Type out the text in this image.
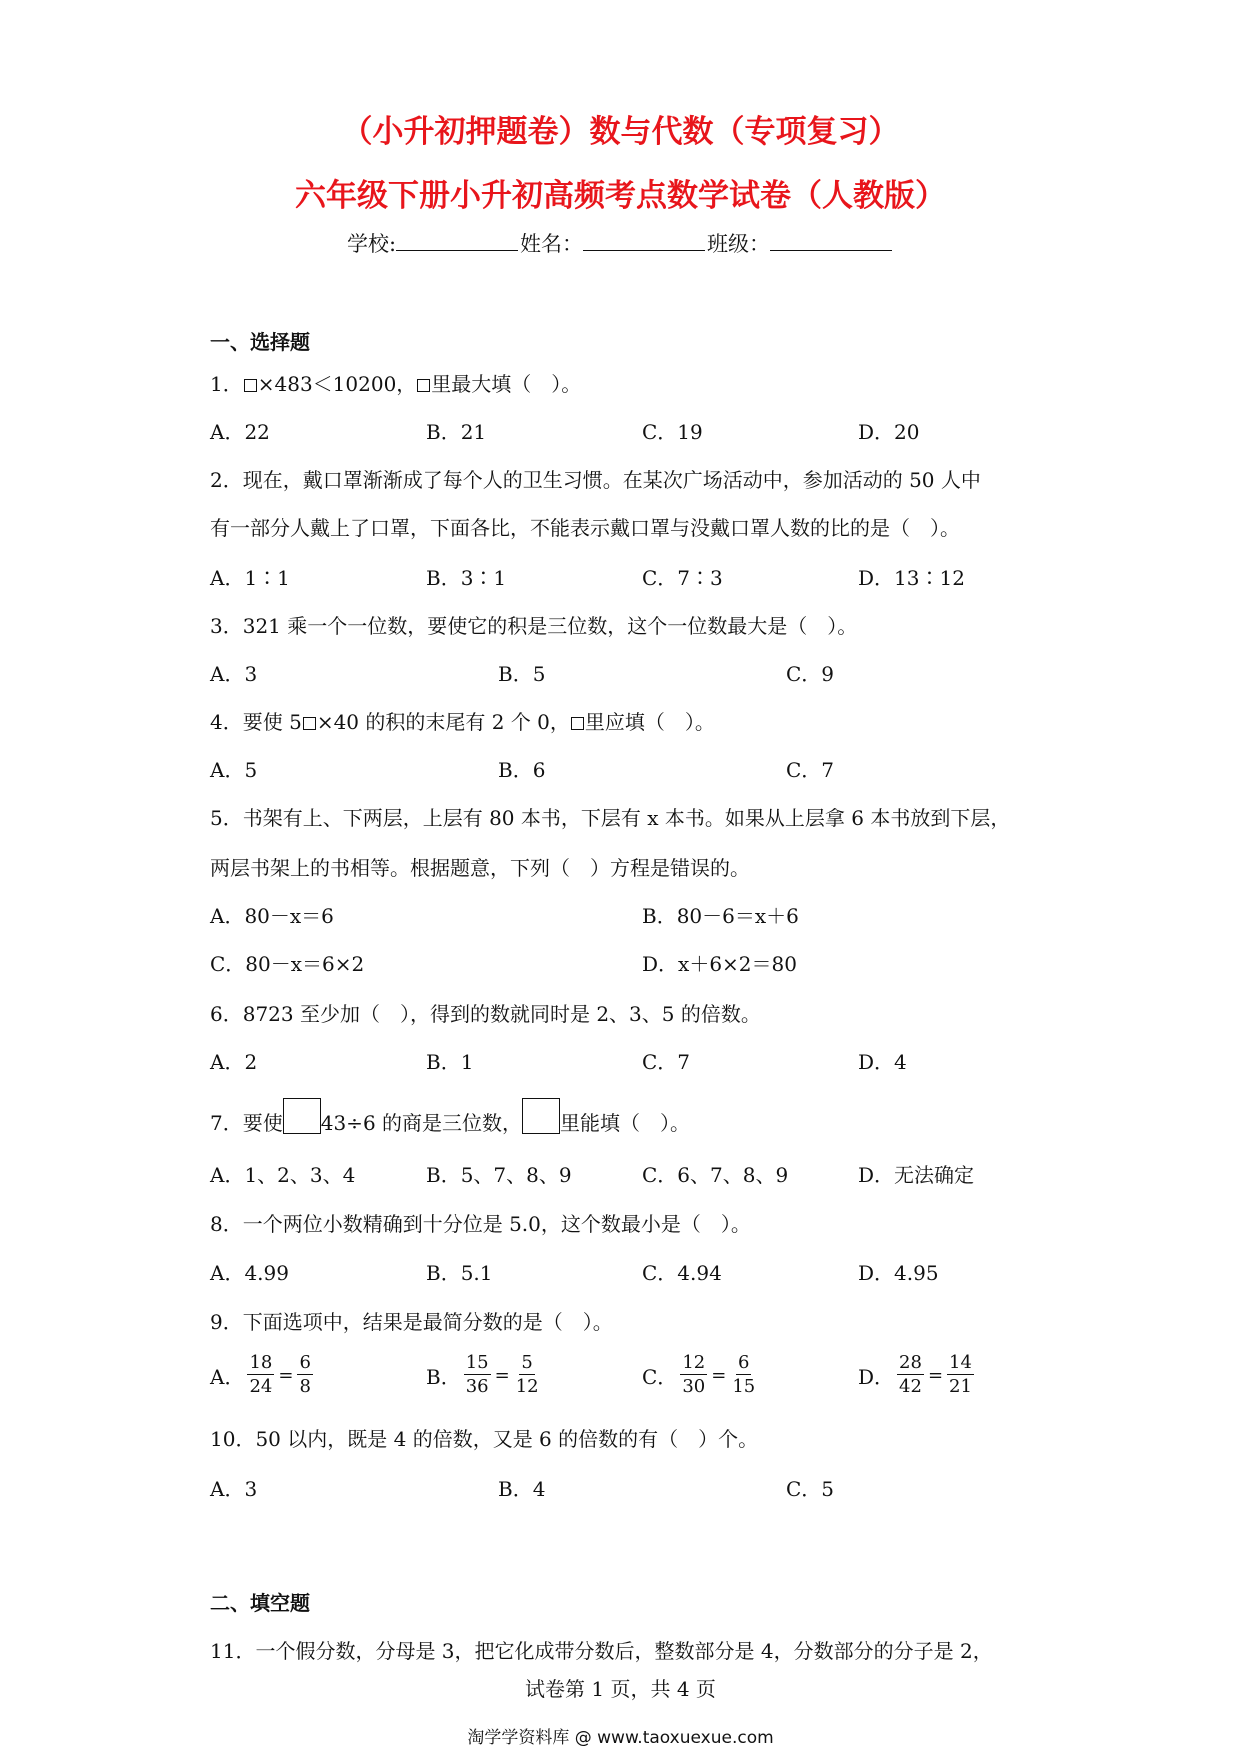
（小升初押题卷）数与代数（专项复习）
六年级下册小升初高频考点数学试卷（人教版）
学校:	姓名：	班级：
一、选择题
1． ×483＜10200， 里最大填（　）。
A．22	B．21	C．19	D．20
2．现在，戴口罩渐渐成了每个人的卫生习惯。在某次广场活动中，参加活动的 50 人中
有一部分人戴上了口罩，下面各比，不能表示戴口罩与没戴口罩人数的比的是（　）。
A．1∶1	B．3∶1	C．7∶3	D．13∶12
3．321 乘一个一位数，要使它的积是三位数，这个一位数最大是（　）。
A．3	B．5	C．9
4．要使 5 ×40 的积的末尾有 2 个 0， 里应填（　）。
A．5	B．6	C．7
5．书架有上、下两层，上层有 80 本书，下层有 x 本书。如果从上层拿 6 本书放到下层，
两层书架上的书相等。根据题意，下列（　）方程是错误的。
A．80－x＝6	B．80－6＝x＋6
C．80－x＝6×2	D．x＋6×2＝80
6．8723 至少加（　），得到的数就同时是 2、3、5 的倍数。
A．2	B．1	C．7	D．4
7．要使 43÷6 的商是三位数， 里能填（　）。
A．1、2、3、4	B．5、7、8、9	C．6、7、8、9	D．无法确定
8．一个两位小数精确到十分位是 5.0，这个数最小是（　）。
A．4.99	B．5.1	C．4.94	D．4.95
9．下面选项中，结果是最简分数的是（　）。
A． $\frac{18}{24} = \frac{6}{8}$	B． $\frac{15}{36} = \frac{5}{12}$	C． $\frac{12}{30} = \frac{6}{15}$	D． $\frac{28}{42} = \frac{14}{21}$
10．50 以内，既是 4 的倍数，又是 6 的倍数的有（　）个。
A．3	B．4	C．5
二、填空题
11．一个假分数，分母是 3，把它化成带分数后，整数部分是 4，分数部分的分子是 2，
试卷第 1 页，共 4 页
淘学学资料库 @ www.taoxuexue.com
